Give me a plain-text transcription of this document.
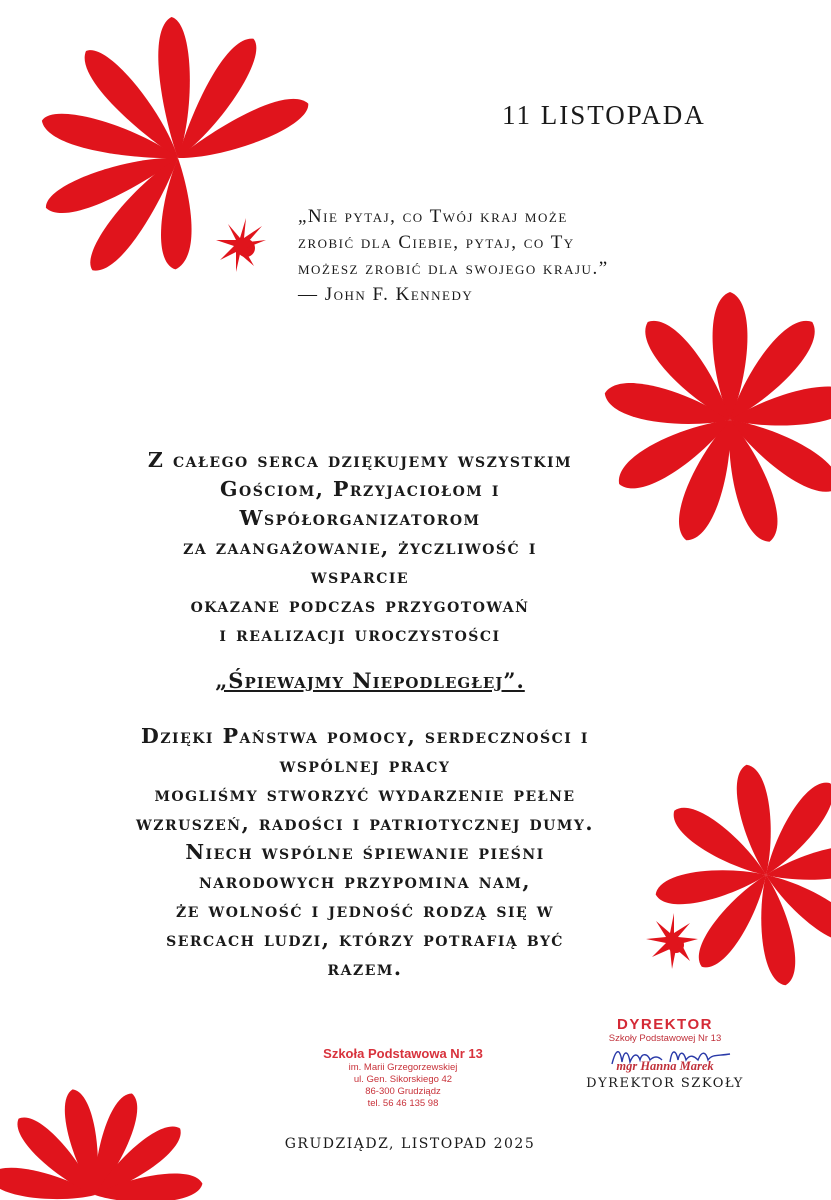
11 LISTOPADA
„Nie pytaj, co Twój kraj może
zrobić dla Ciebie, pytaj, co Ty
możesz zrobić dla swojego kraju.”
— John F. Kennedy
Z całego serca dziękujemy wszystkim
Gościom, Przyjaciołom i
Współorganizatorom
za zaangażowanie, życzliwość i
wsparcie
okazane podczas przygotowań
i realizacji uroczystości
„Śpiewajmy Niepodległej”.
Dzięki Państwa pomocy, serdeczności i
wspólnej pracy
mogliśmy stworzyć wydarzenie pełne
wzruszeń, radości i patriotycznej dumy.
Niech wspólne śpiewanie pieśni
narodowych przypomina nam,
że wolność i jedność rodzą się w
sercach ludzi, którzy potrafią być
razem.
Szkoła Podstawowa Nr 13
im. Marii Grzegorzewskiej
ul. Gen. Sikorskiego 42
86-300 Grudziądz
tel. 56 46 135 98
DYREKTOR
Szkoły Podstawowej Nr 13
mgr Hanna Marek
DYREKTOR SZKOŁY
GRUDZIĄDZ, LISTOPAD 2025
